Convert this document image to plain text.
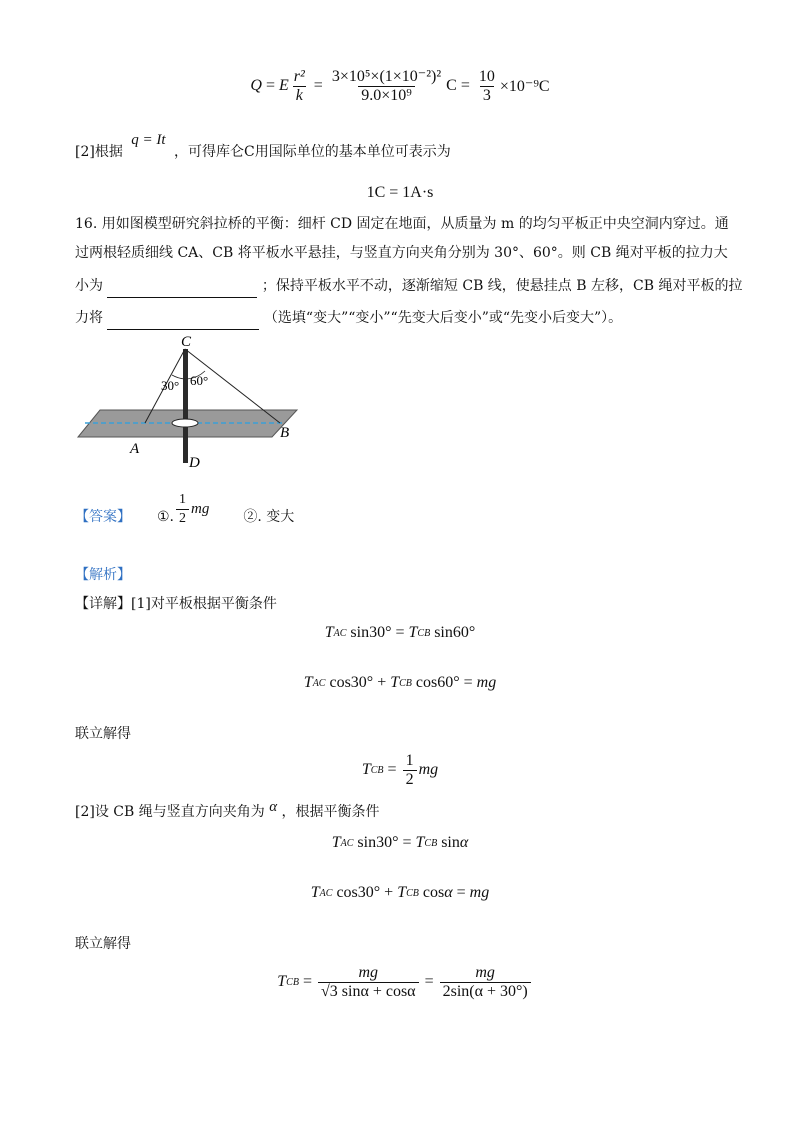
Q = E $\frac{\text{r²}}{k} = \frac{\text{3×10⁵×(1×10⁻²)²}}{\text{9.0×10⁹}}$ $C = \frac{10}{3} \times 10^{-9}C$
[2]根据 q = It ，可得库仑C用国际单位的基本单位可表示为
1C = 1A·s
16. 用如图模型研究斜拉桥的平衡：细杆 CD 固定在地面，从质量为 m 的均匀平板正中央空洞内穿过。通
过两根轻质细线 CA、CB 将平板水平悬挂，与竖直方向夹角分别为 30°、60°。则 CB 绳对平板的拉力大
小为	；保持平板水平不动，逐渐缩短 CB 线，使悬挂点 B 左移，CB 绳对平板的拉
力将	（选填“变大”“变小”“先变大后变小”或“先变小后变大”）。
30° 60°
C
A
B
D
【答案】 ①. $\frac{1}{2}$ mg ②. 变大
【解析】
【详解】[1]对平板根据平衡条件
T AC sin30° = T CB sin60°
T AC cos30° + T CB cos60° = mg
联立解得
T CB = $\frac{1}{2}$ mg
[2]设 CB 绳与竖直方向夹角为 α ，根据平衡条件
T AC sin30° = T CB sin α
T AC cos30° + T CB cos α = mg
联立解得
T CB = $\frac{mg}{√3 \sin\alpha + \cos\alpha} = \frac{mg}{2\sin(\alpha + 30^\circ)}$
